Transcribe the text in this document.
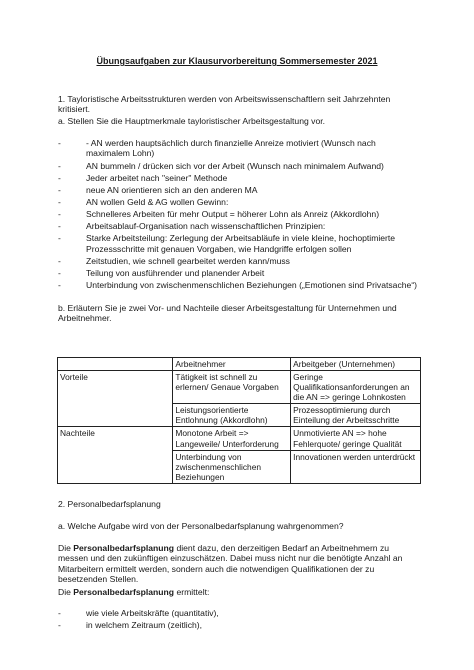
Übungsaufgaben zur Klausurvorbereitung Sommersemester 2021
1. Tayloristische Arbeitsstrukturen werden von Arbeitswissenschaftlern seit Jahrzehnten kritisiert.
a. Stellen Sie die Hauptmerkmale tayloristischer Arbeitsgestaltung vor.
-	- AN werden hauptsächlich durch finanzielle Anreize motiviert (Wunsch nach maximalem Lohn)
-	AN bummeln / drücken sich vor der Arbeit (Wunsch nach minimalem Aufwand)
-	Jeder arbeitet nach "seiner" Methode
-	neue AN orientieren sich an den anderen MA
-	AN wollen Geld & AG wollen Gewinn:
-	Schnelleres Arbeiten für mehr Output = höherer Lohn als Anreiz (Akkordlohn)
-	Arbeitsablauf-Organisation nach wissenschaftlichen Prinzipien:
-	Starke Arbeitsteilung: Zerlegung der Arbeitsabläufe in viele kleine, hochoptimierte Prozessschritte mit genauen Vorgaben, wie Handgriffe erfolgen sollen
-	Zeitstudien, wie schnell gearbeitet werden kann/muss
-	Teilung von ausführender und planender Arbeit
-	Unterbindung von zwischenmenschlichen Beziehungen („Emotionen sind Privatsache“)
b. Erläutern Sie je zwei Vor- und Nachteile dieser Arbeitsgestaltung für Unternehmen und Arbeitnehmer.
	Arbeitnehmer	Arbeitgeber (Unternehmen)
Vorteile	Tätigkeit ist schnell zu erlernen/ Genaue Vorgaben	Geringe Qualifikationsanforderungen an die AN => geringe Lohnkosten
	Leistungsorientierte Entlohnung (Akkordlohn)	Prozessoptimierung durch Einteilung der Arbeitsschritte
Nachteile	Monotone Arbeit => Langeweile/ Unterforderung	Unmotivierte AN => hohe Fehlerquote/ geringe Qualität
	Unterbindung von zwischenmenschlichen Beziehungen	Innovationen werden unterdrückt
2. Personalbedarfsplanung
a. Welche Aufgabe wird von der Personalbedarfsplanung wahrgenommen?
Die Personalbedarfsplanung dient dazu, den derzeitigen Bedarf an Arbeitnehmern zu messen und den zukünftigen einzuschätzen. Dabei muss nicht nur die benötigte Anzahl an Mitarbeitern ermittelt werden, sondern auch die notwendigen Qualifikationen der zu besetzenden Stellen.
Die Personalbedarfsplanung ermittelt:
-	wie viele Arbeitskräfte (quantitativ),
-	in welchem Zeitraum (zeitlich),
